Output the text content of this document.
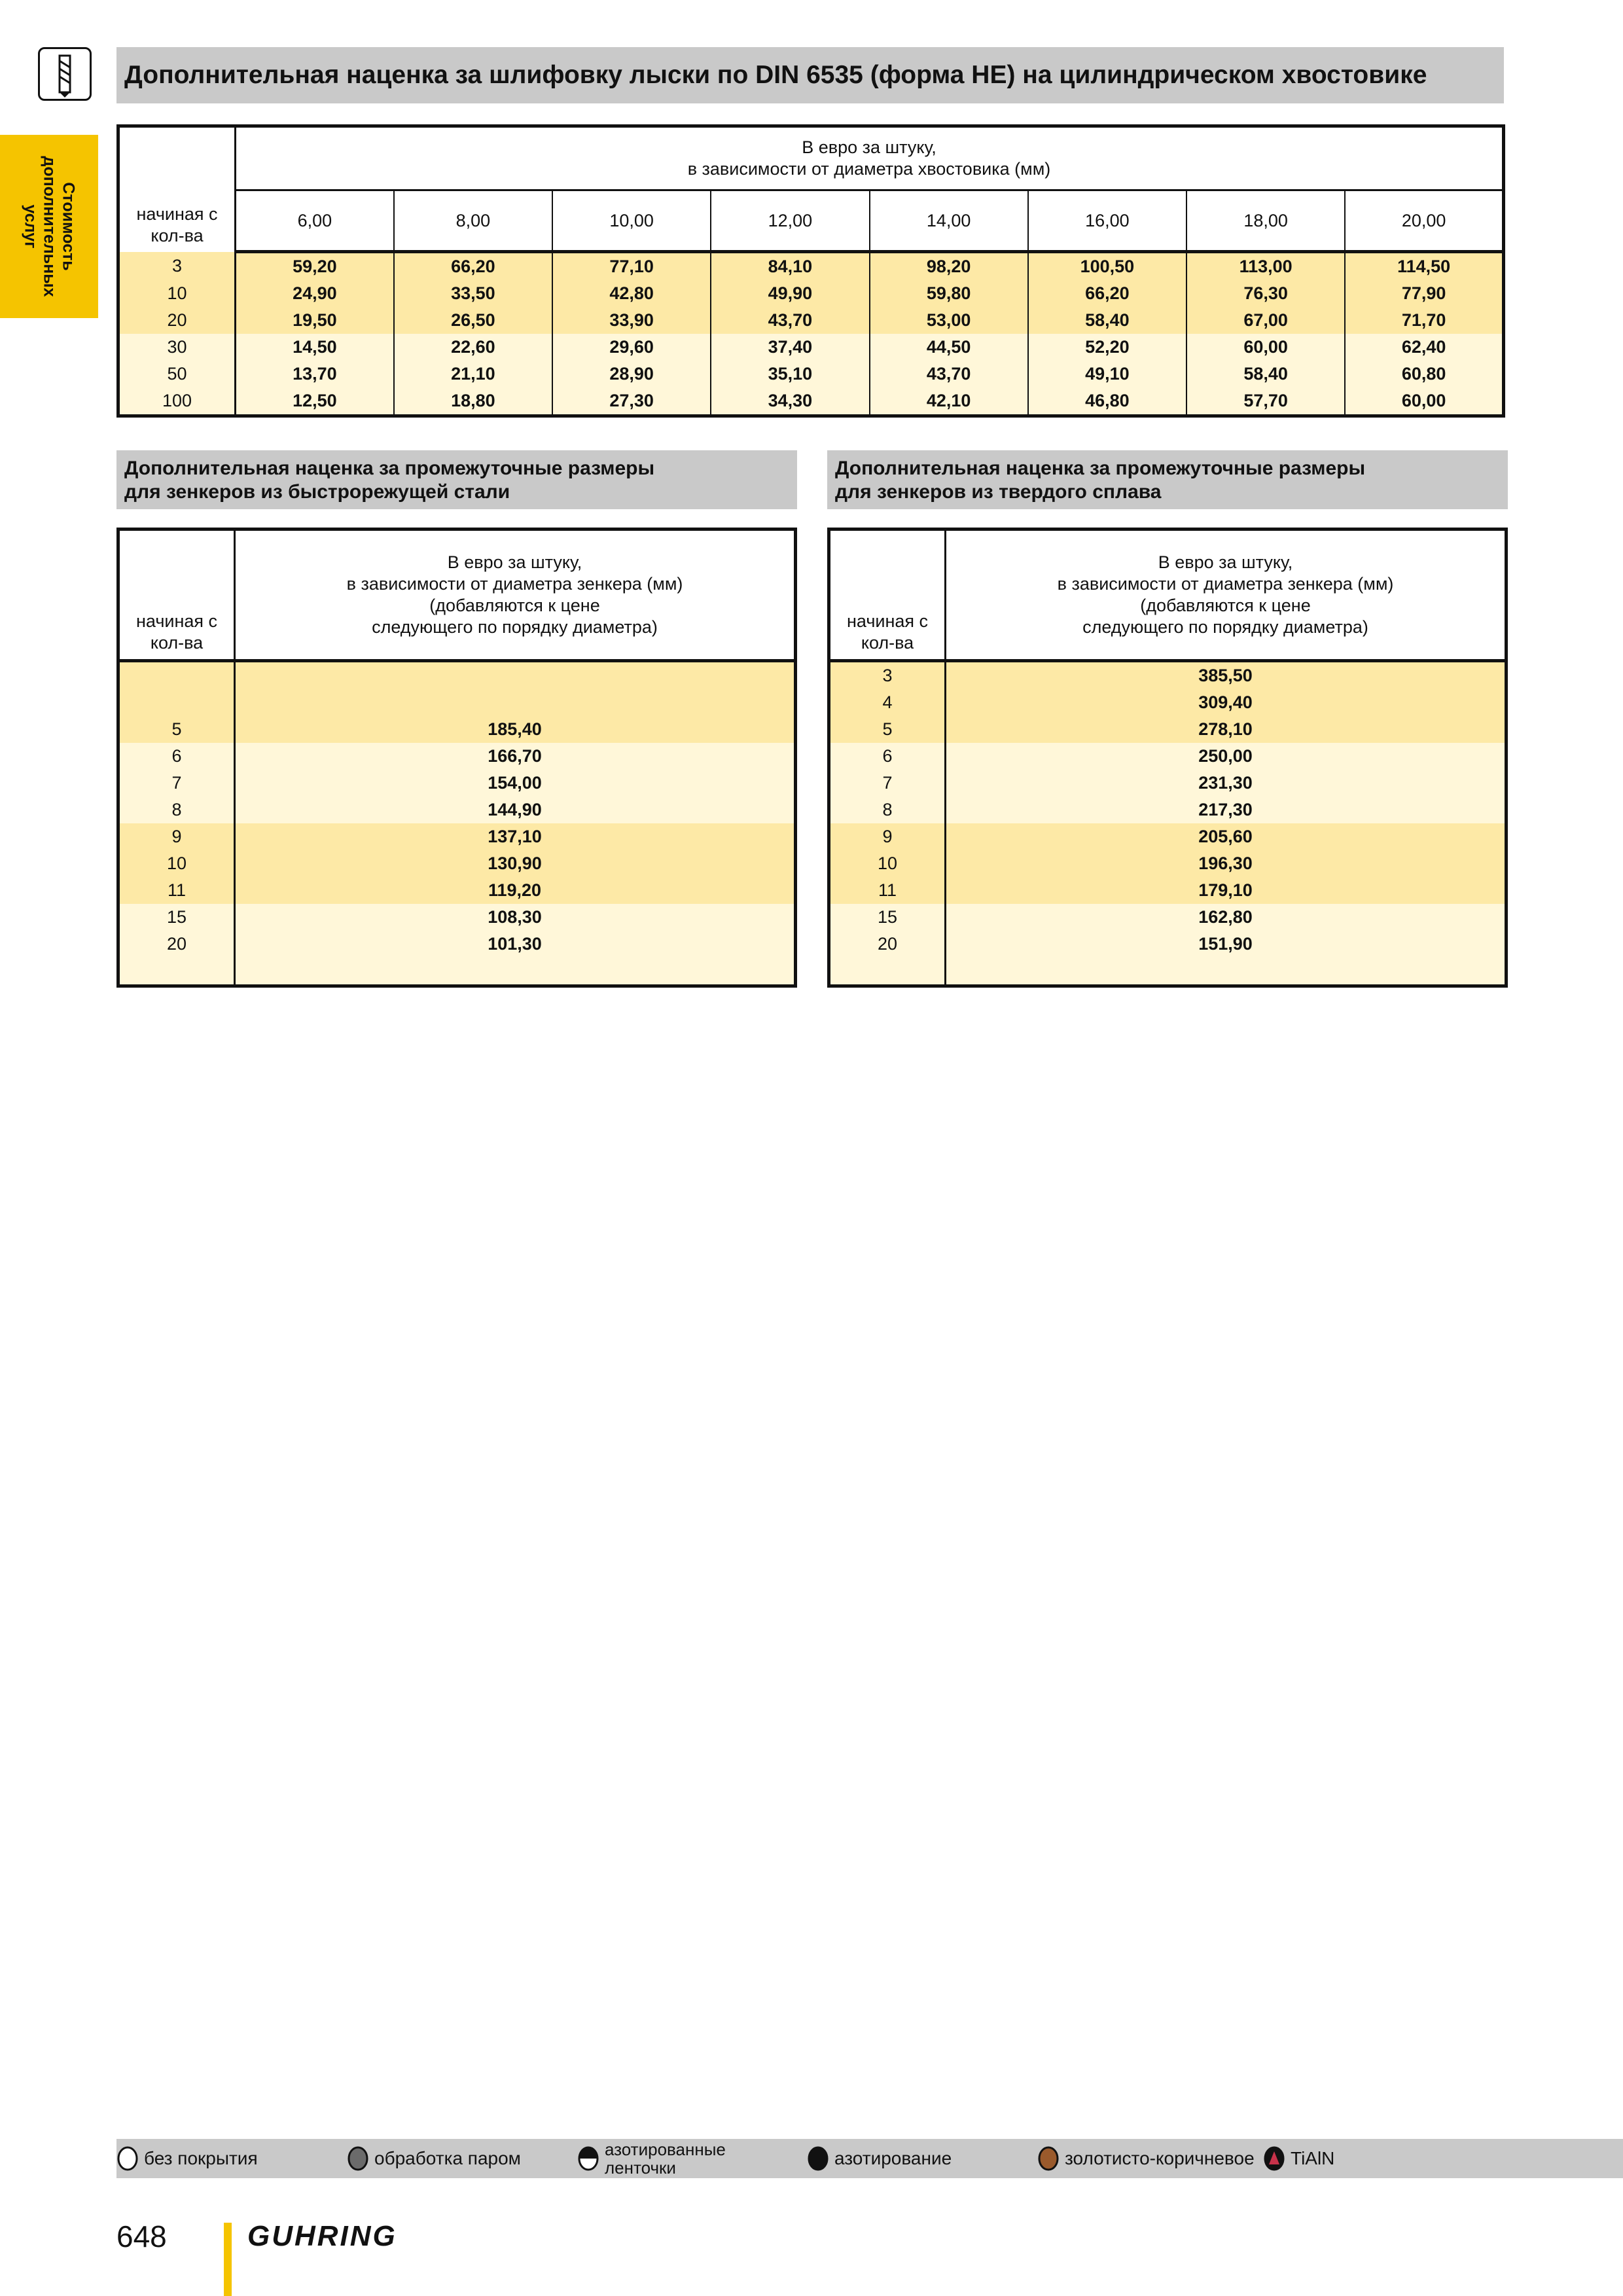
Дополнительная наценка за шлифовку лыски по DIN 6535 (форма HE) на цилиндрическом хвостовике
Стоимость дополнительных услуг	начиная с кол-ва	В евро за штуку,
в зависимости от диаметра хвостовика (мм)							

	6,00	8,00	10,00	12,00	14,00	16,00	18,00	20,00
3	59,20	66,20	77,10	84,10	98,20	100,50	113,00	114,50
10	24,90	33,50	42,80	49,90	59,80	66,20	76,30	77,90
20	19,50	26,50	33,90	43,70	53,00	58,40	67,00	71,70
30	14,50	22,60	29,60	37,40	44,50	52,20	60,00	62,40
50	13,70	21,10	28,90	35,10	43,70	49,10	58,40	60,80
100	12,50	18,80	27,30	34,30	42,10	46,80	57,70	60,00
Дополнительная наценка за промежуточные размеры
для зенкеров из быстрорежущей стали
Дополнительная наценка за промежуточные размеры
для зенкеров из твердого сплава
начиная с кол-ва	В евро за штуку,
в зависимости от диаметра зенкера (мм)
(добавляются к цене
следующего по порядку диаметра)

5	185,40
6	166,70
7	154,00
8	144,90
9	137,10
10	130,90
11	119,20
15	108,30
20	101,30

начиная с кол-ва	В евро за штуку,
в зависимости от диаметра зенкера (мм)
(добавляются к цене
следующего по порядку диаметра)

3	385,50
4	309,40
5	278,10
6	250,00
7	231,30
8	217,30
9	205,60
10	196,30
11	179,10
15	162,80
20	151,90

без покрытия	обработка паром	азотированные
ленточки	азотирование	золотисто-коричневое TiAlN
648	GUHRING
